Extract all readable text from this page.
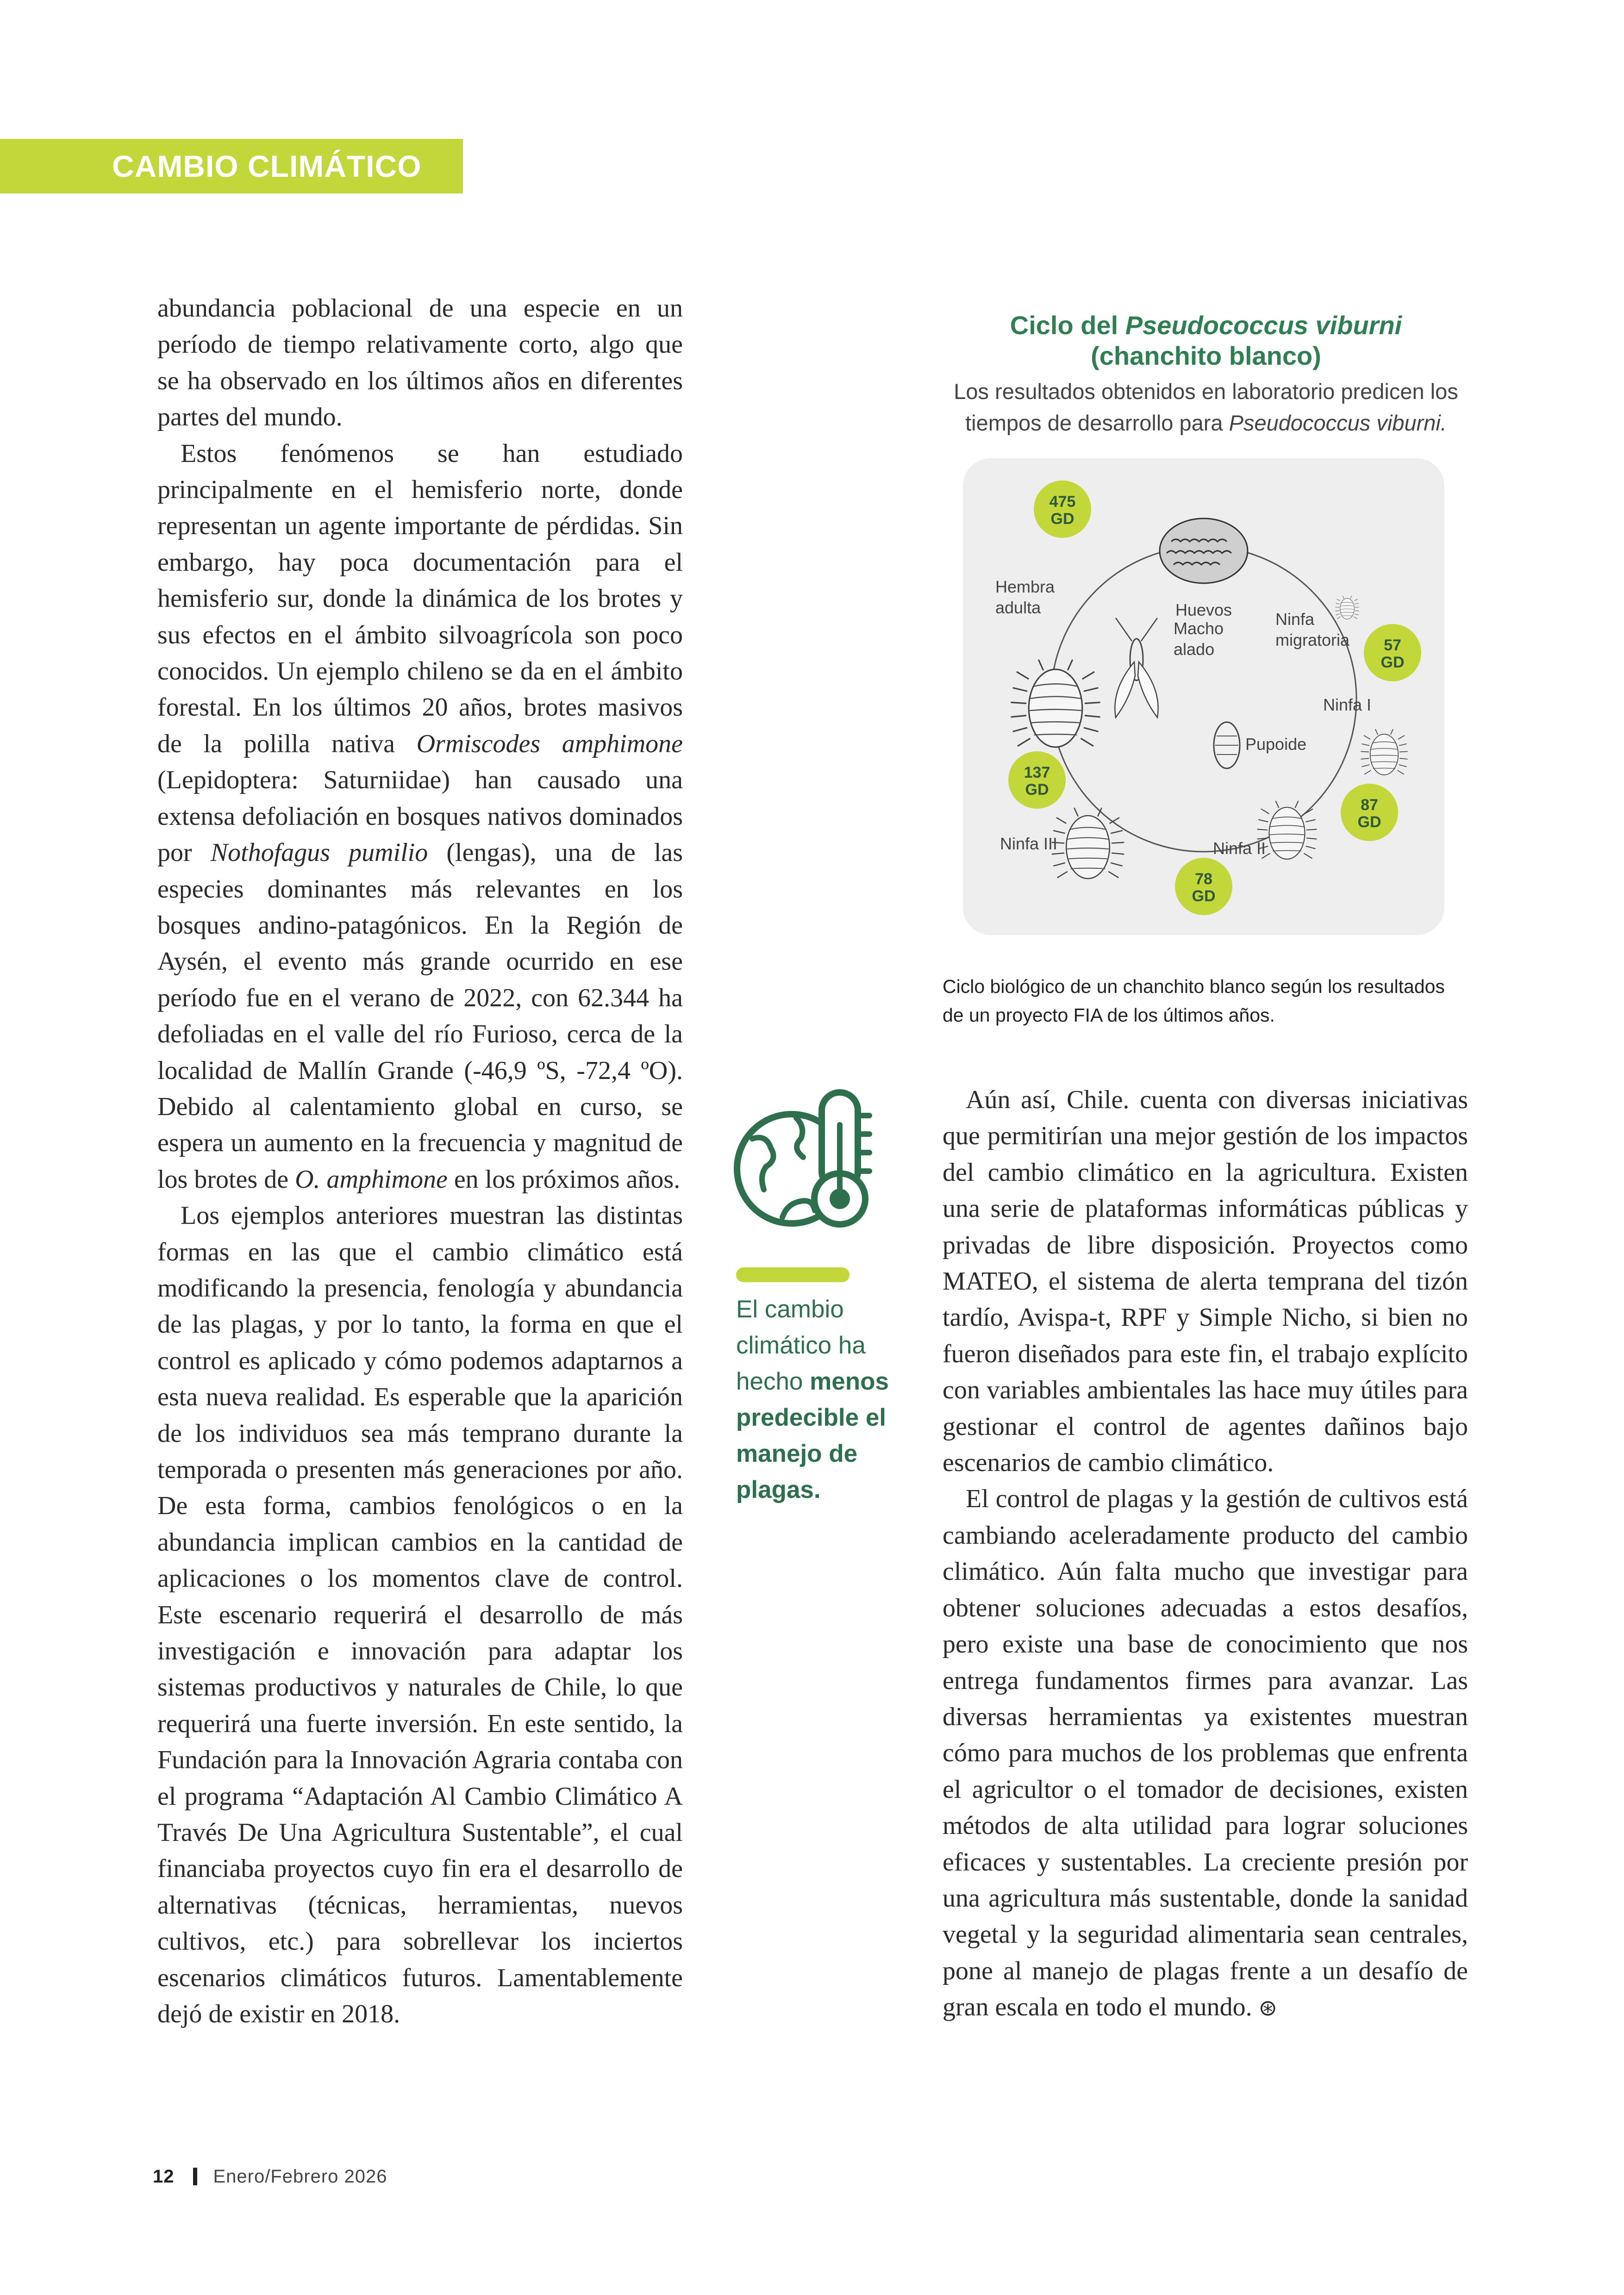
CAMBIO CLIMÁTICO

abundancia poblacional de una especie en un período de tiempo relativamente corto, algo que se ha observado en los últimos años en diferentes partes del mundo.

Estos fenómenos se han estudiado principalmente en el hemisferio norte, donde representan un agente importante de pérdidas. Sin embargo, hay poca documentación para el hemisferio sur, donde la dinámica de los brotes y sus efectos en el ámbito silvoagrícola son poco conocidos. Un ejemplo chileno se da en el ámbito forestal. En los últimos 20 años, brotes masivos de la polilla nativa Ormiscodes amphimone (Lepidoptera: Saturniidae) han causado una extensa defoliación en bosques nativos dominados por Nothofagus pumilio (lengas), una de las especies dominantes más relevantes en los bosques andino-patagónicos. En la Región de Aysén, el evento más grande ocurrido en ese período fue en el verano de 2022, con 62.344 ha defoliadas en el valle del río Furioso, cerca de la localidad de Mallín Grande (-46,9 ºS, -72,4 ºO). Debido al calentamiento global en curso, se espera un aumento en la frecuencia y magnitud de los brotes de O. amphimone en los próximos años.

Los ejemplos anteriores muestran las distintas formas en las que el cambio climático está modificando la presencia, fenología y abundancia de las plagas, y por lo tanto, la forma en que el control es aplicado y cómo podemos adaptarnos a esta nueva realidad. Es esperable que la aparición de los individuos sea más temprano durante la temporada o presenten más generaciones por año. De esta forma, cambios fenológicos o en la abundancia implican cambios en la cantidad de aplicaciones o los momentos clave de control. Este escenario requerirá el desarrollo de más investigación e innovación para adaptar los sistemas productivos y naturales de Chile, lo que requerirá una fuerte inversión. En este sentido, la Fundación para la Innovación Agraria contaba con el programa “Adaptación Al Cambio Climático A Través De Una Agricultura Sustentable”, el cual financiaba proyectos cuyo fin era el desarrollo de alternativas (técnicas, herramientas, nuevos cultivos, etc.) para sobrellevar los inciertos escenarios climáticos futuros. Lamentablemente dejó de existir en 2018.

Ciclo del Pseudococcus viburni
(chanchito blanco)
Los resultados obtenidos en laboratorio predicen los tiempos de desarrollo para Pseudococcus viburni.
Huevos
Hembra
adulta
Macho
alado
Ninfa
migratoria
Ninfa I
Pupoide
Ninfa II
Ninfa III
475
GD
57
GD
87
GD
78
GD
137
GD
Ciclo biológico de un chanchito blanco según los resultados de un proyecto FIA de los últimos años.
El cambio climático ha hecho menos predecible el manejo de plagas.

Aún así, Chile. cuenta con diversas iniciativas que permitirían una mejor gestión de los impactos del cambio climático en la agricultura. Existen una serie de plataformas informáticas públicas y privadas de libre disposición. Proyectos como MATEO, el sistema de alerta temprana del tizón tardío, Avispa-t, RPF y Simple Nicho, si bien no fueron diseñados para este fin, el trabajo explícito con variables ambientales las hace muy útiles para gestionar el control de agentes dañinos bajo escenarios de cambio climático.

El control de plagas y la gestión de cultivos está cambiando aceleradamente producto del cambio climático. Aún falta mucho que investigar para obtener soluciones adecuadas a estos desafíos, pero existe una base de conocimiento que nos entrega fundamentos firmes para avanzar. Las diversas herramientas ya existentes muestran cómo para muchos de los problemas que enfrenta el agricultor o el tomador de decisiones, existen métodos de alta utilidad para lograr soluciones eficaces y sustentables. La creciente presión por una agricultura más sustentable, donde la sanidad vegetal y la seguridad alimentaria sean centrales, pone al manejo de plagas frente a un desafío de gran escala en todo el mundo. ⊛

12 Enero/Febrero 2026
